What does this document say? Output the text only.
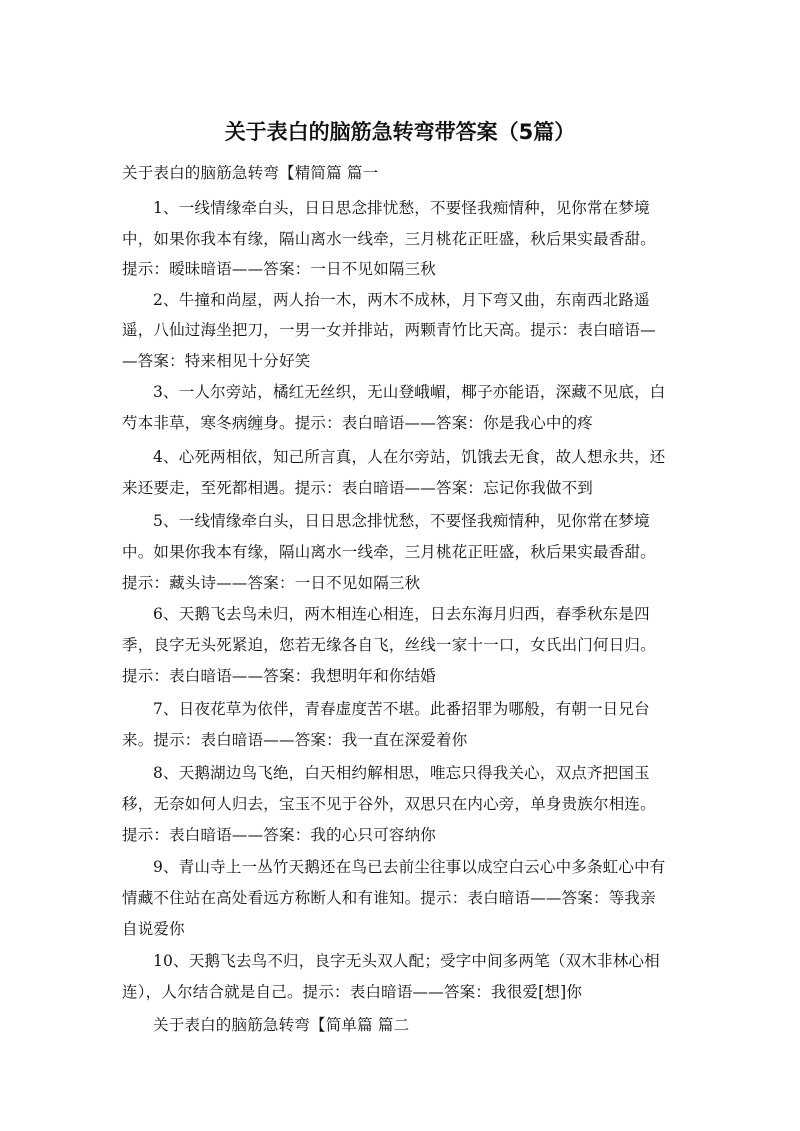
关于表白的脑筋急转弯带答案（5篇）
关于表白的脑筋急转弯【精简篇 篇一
1、一线情缘牵白头，日日思念排忧愁，不要怪我痴情种，见你常在梦境
中，如果你我本有缘，隔山离水一线牵，三月桃花正旺盛，秋后果实最香甜。
提示：暧昧暗语——答案：一日不见如隔三秋
2、牛撞和尚屋，两人抬一木，两木不成林，月下弯又曲，东南西北路遥
遥，八仙过海坐把刀，一男一女并排站，两颗青竹比天高。提示：表白暗语—
—答案：特来相见十分好笑
3、一人尔旁站，橘红无丝织，无山登峨嵋，椰子亦能语，深藏不见底，白
芍本非草，寒冬病缠身。提示：表白暗语——答案：你是我心中的疼
4、心死两相依，知己所言真，人在尔旁站，饥饿去无食，故人想永共，还
来还要走，至死都相遇。提示：表白暗语——答案：忘记你我做不到
5、一线情缘牵白头，日日思念排忧愁，不要怪我痴情种，见你常在梦境
中。如果你我本有缘，隔山离水一线牵，三月桃花正旺盛，秋后果实最香甜。
提示：藏头诗——答案：一日不见如隔三秋
6、天鹅飞去鸟未归，两木相连心相连，日去东海月归西，春季秋东是四
季，良字无头死紧迫，您若无缘各自飞，丝线一家十一口，女氏出门何日归。
提示：表白暗语——答案：我想明年和你结婚
7、日夜花草为依伴，青春虚度苦不堪。此番招罪为哪般，有朝一日兄台
来。提示：表白暗语——答案：我一直在深爱着你
8、天鹅湖边鸟飞绝，白天相约解相思，唯忘只得我关心，双点齐把国玉
移，无奈如何人归去，宝玉不见于谷外，双思只在内心旁，单身贵族尔相连。
提示：表白暗语——答案：我的心只可容纳你
9、青山寺上一丛竹天鹅还在鸟已去前尘往事以成空白云心中多条虹心中有
情藏不住站在高处看远方称断人和有谁知。提示：表白暗语——答案：等我亲
自说爱你
10、天鹅飞去鸟不归，良字无头双人配；受字中间多两笔（双木非林心相
连），人尔结合就是自己。提示：表白暗语——答案：我很爱[想]你
关于表白的脑筋急转弯【简单篇 篇二
